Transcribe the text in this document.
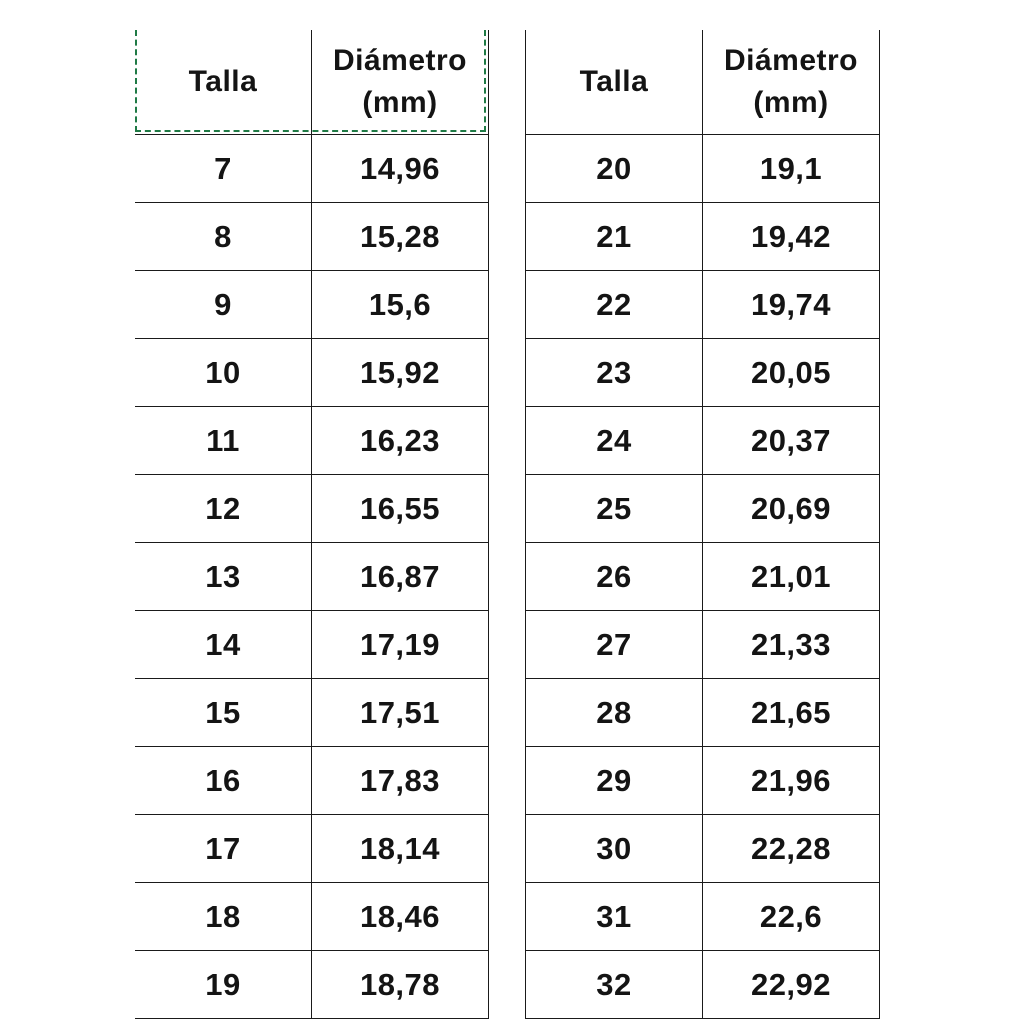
Talla	Diámetro
(mm)

7	14,96
8	15,28
9	15,6
10	15,92
11	16,23
12	16,55
13	16,87
14	17,19
15	17,51
16	17,83
17	18,14
18	18,46
19	18,78
Talla	Diámetro
(mm)

20	19,1
21	19,42
22	19,74
23	20,05
24	20,37
25	20,69
26	21,01
27	21,33
28	21,65
29	21,96
30	22,28
31	22,6
32	22,92
